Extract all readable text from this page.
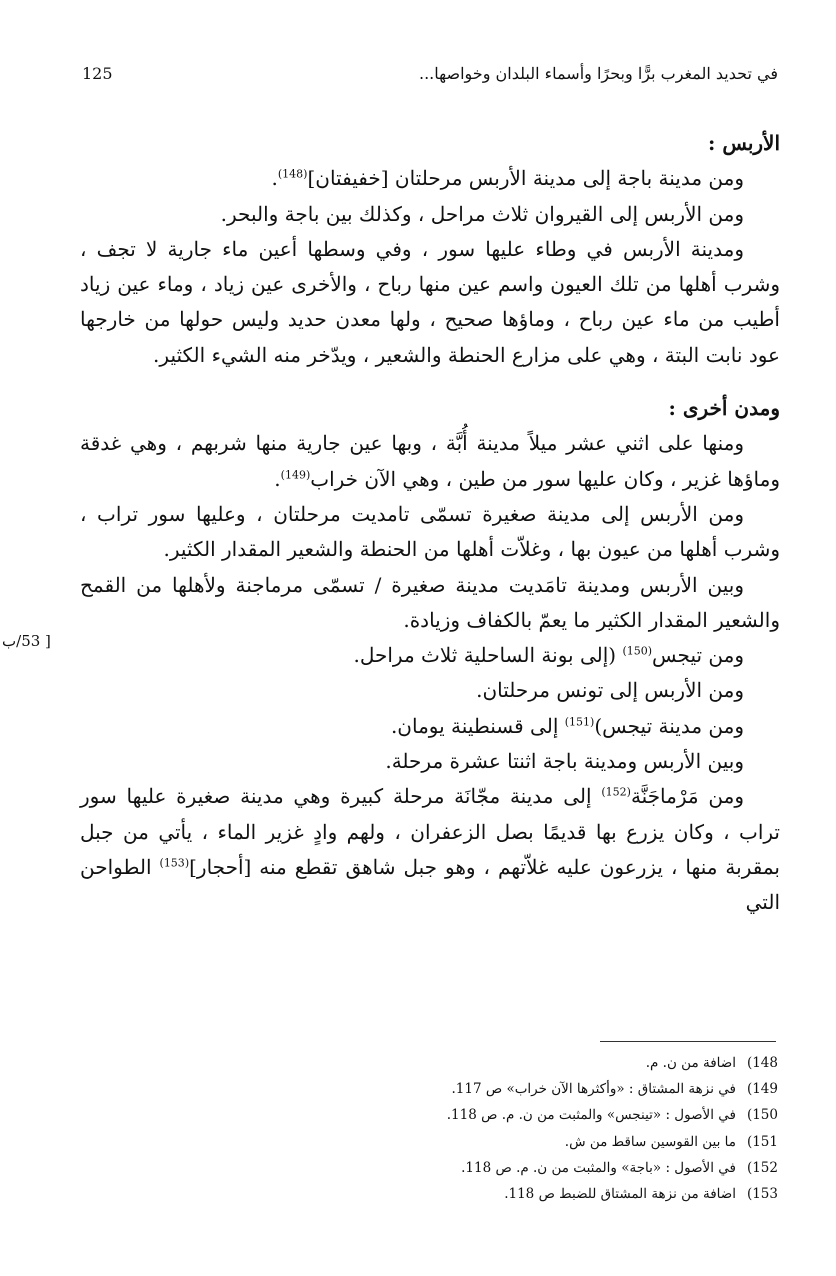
في تحديد المغرب برًّا وبحرًا وأسماء البلدان وخواصها...
125

الأربس :

ومن مدينة باجة إلى مدينة الأربس مرحلتان [خفيفتان]$^{(148)}$.

ومن الأربس إلى القيروان ثلاث مراحل ، وكذلك بين باجة والبحر.

ومدينة الأربس في وطاء عليها سور ، وفي وسطها أعين ماء جارية لا تجف ، وشرب أهلها من تلك العيون واسم عين منها رباح ، والأخرى عين زياد ، وماء عين زياد أطيب من ماء عين رباح ، وماؤها صحيح ، ولها معدن حديد وليس حولها من خارجها عود نابت البتة ، وهي على مزارع الحنطة والشعير ، ويدّخر منه الشيء الكثير.

ومدن أخرى :

ومنها على اثني عشر ميلاً مدينة أُبَّة ، وبها عين جارية منها شربهم ، وهي غدقة وماؤها غزير ، وكان عليها سور من طين ، وهي الآن خراب$^{(149)}$.

ومن الأربس إلى مدينة صغيرة تسمّى تامديت مرحلتان ، وعليها سور تراب ، وشرب أهلها من عيون بها ، وغلاّت أهلها من الحنطة والشعير المقدار الكثير.

وبين الأربس ومدينة تامَديت مدينة صغيرة / تسمّى مرماجنة ولأهلها من القمح والشعير المقدار الكثير ما يعمّ بالكفاف وزيادة.

ومن تيجس$^{(150)}$ (إلى بونة الساحلية ثلاث مراحل.

ومن الأربس إلى تونس مرحلتان.

ومن مدينة تيجس)$^{(151)}$ إلى قسنطينة يومان.

وبين الأربس ومدينة باجة اثنتا عشرة مرحلة.

ومن مَرْماجَنَّة$^{(152)}$ إلى مدينة مجّانَة مرحلة كبيرة وهي مدينة صغيرة عليها سور تراب ، وكان يزرع بها قديمًا بصل الزعفران ، ولهم وادٍ غزير الماء ، يأتي من جبل بمقربة منها ، يزرعون عليه غلاّتهم ، وهو جبل شاهق تقطع منه [أحجار]$^{(153)}$ الطواحن التي

[ 53/ب
(148
اضافة من ن. م.
(149
في نزهة المشتاق : «وأكثرها الآن خراب» ص 117.
(150
في الأصول : «تينجس» والمثبت من ن. م. ص 118.
(151
ما بين القوسين ساقط من ش.
(152
في الأصول : «باجة» والمثبت من ن. م. ص 118.
(153
اضافة من نزهة المشتاق للضبط ص 118.
